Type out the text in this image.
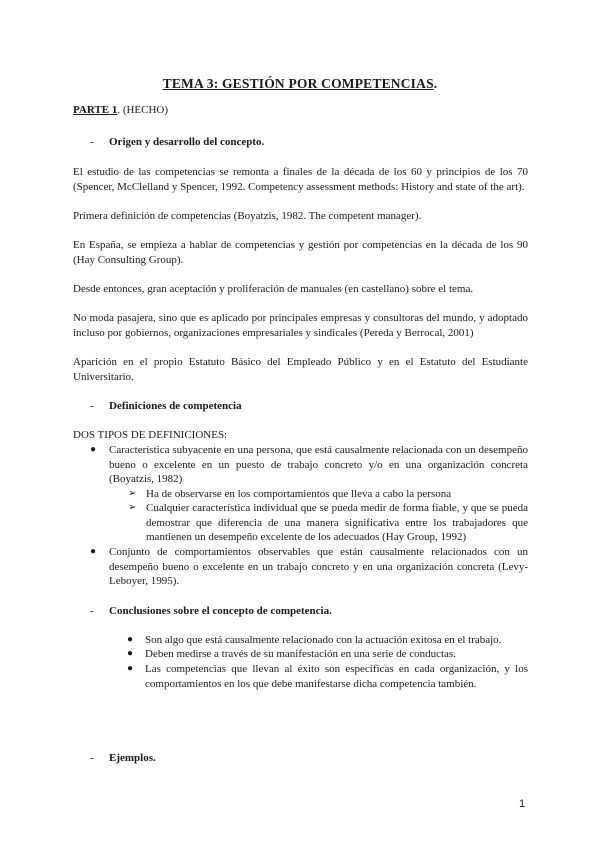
TEMA 3: GESTIÓN POR COMPETENCIAS.
PARTE 1. (HECHO)
- Origen y desarrollo del concepto.
El estudio de las competencias se remonta a finales de la década de los 60 y principios de los 70 (Spencer, McClelland y Spencer, 1992. Competency assessment methods: History and state of the art).
Primera definición de competencias (Boyatzis, 1982. The competent manager).
En España, se empieza a hablar de competencias y gestión por competencias en la década de los 90 (Hay Consulting Group).
Desde entonces, gran aceptación y proliferación de manuales (en castellano) sobre el tema.
No moda pasajera, sino que es aplicado por principales empresas y consultoras del mundo, y adoptado incluso por gobiernos, organizaciones empresariales y sindicales (Pereda y Berrocal, 2001)
Aparición en el propio Estatuto Básico del Empleado Público y en el Estatuto del Estudiante Universitario.
- Definiciones de competencia
DOS TIPOS DE DEFINICIONES:
● Característica subyacente en una persona, que está causalmente relacionada con un desempeño bueno o excelente en un puesto de trabajo concreto y/o en una organización concreta (Boyatzis, 1982)
➢ Ha de observarse en los comportamientos que lleva a cabo la persona
➢ Cualquier característica individual que se pueda medir de forma fiable, y que se pueda demostrar que diferencia de una manera significativa entre los trabajadores que mantienen un desempeño excelente de los adecuados (Hay Group, 1992)
● Conjunto de comportamientos observables que están causalmente relacionados con un desempeño bueno o excelente en un trabajo concreto y en una organización concreta (Levy-Leboyer, 1995).
- Conclusiones sobre el concepto de competencia.
● Son algo que está causalmente relacionado con la actuación exitosa en el trabajo.
● Deben medirse a través de su manifestación en una serie de conductas.
● Las competencias que llevan al éxito son específicas en cada organización, y los comportamientos en los que debe manifestarse dicha competencia también.
- Ejemplos.
1
